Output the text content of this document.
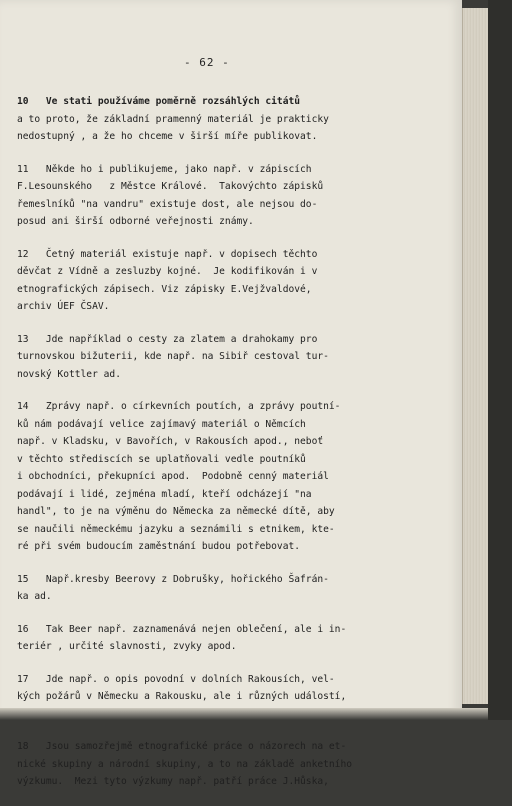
- 62 -
10   Ve stati používáme poměrně rozsáhlých citátů
a to proto, že základní pramenný materiál je prakticky
nedostupný , a že ho chceme v širší míře publikovat.
11   Někde ho i publikujeme, jako např. v zápiscích
F.Lesounského   z Městce Králové.  Takovýchto zápisků
řemeslníků "na vandru" existuje dost, ale nejsou do-
posud ani širší odborné veřejnosti známy.
12   Četný materiál existuje např. v dopisech těchto
děvčat z Vídně a zesluzby kojné.  Je kodifikován i v
etnografických zápisech. Viz zápisky E.Vejžvaldové,
archiv ÚEF ČSAV.
13   Jde například o cesty za zlatem a drahokamy pro
turnovskou bižuterii, kde např. na Sibiř cestoval tur-
novský Kottler ad.
14   Zprávy např. o církevních poutích, a zprávy poutní-
ků nám podávají velice zajímavý materiál o Němcích
např. v Kladsku, v Bavořích, v Rakousích apod., neboť
v těchto střediscích se uplatňovali vedle poutníků
i obchodníci, překupníci apod.  Podobně cenný materiál
podávají i lidé, zejména mladí, kteří odcházejí "na
handl", to je na výměnu do Německa za německé dítě, aby
se naučili německému jazyku a seznámili s etnikem, kte-
ré při svém budoucím zaměstnání budou potřebovat.
15   Např.kresby Beerovy z Dobrušky, hořického Šafrán-
ka ad.
16   Tak Beer např. zaznamenává nejen oblečení, ale i in-
teriér , určité slavnosti, zvyky apod.
17   Jde např. o opis povodní v dolních Rakousích, vel-
kých požárů v Německu a Rakousku, ale i různých událostí,
18   Jsou samozřejmě etnografické práce o názorech na et-
nické skupiny a národní skupiny, a to na základě anketního
výzkumu.  Mezi tyto výzkumy např. patří práce J.Hůska,
